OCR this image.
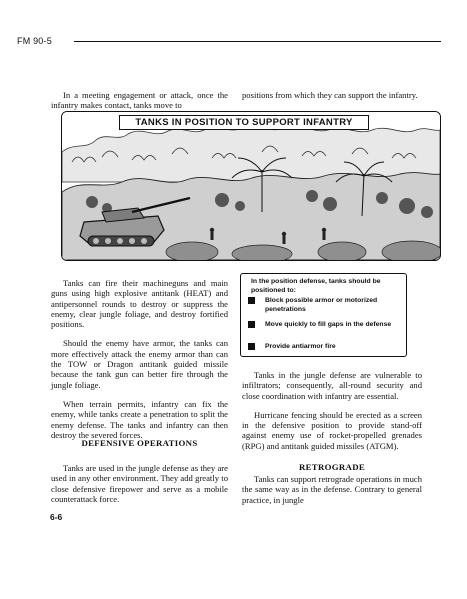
FM 90-5

In a meeting engagement or attack, once the infantry makes contact, tanks move to

positions from which they can support the infantry.

TANKS IN POSITION TO SUPPORT INFANTRY

Tanks can fire their machineguns and main guns using high explosive antitank (HEAT) and antipersonnel rounds to destroy or suppress the enemy, clear jungle foliage, and destroy fortified positions.

Should the enemy have armor, the tanks can more effectively attack the enemy armor than can the TOW or Dragon antitank guided missile because the tank gun can better fire through the jungle foliage.

When terrain permits, infantry can fix the enemy, while tanks create a penetration to split the enemy defense. The tanks and infantry can then destroy the severed forces.

DEFENSIVE OPERATIONS

Tanks are used in the jungle defense as they are used in any other environment. They add greatly to close defensive firepower and serve as a mobile counterattack force.

In the position defense, tanks should be positioned to:
Block possible armor or motorized penetrations
Move quickly to fill gaps in the defense
Provide antiarmor fire

Tanks in the jungle defense are vulnerable to infiltrators; consequently, all-round security and close coordination with infantry are essential.

Hurricane fencing should be erected as a screen in the defensive position to provide stand-off against enemy use of rocket-propelled grenades (RPG) and antitank guided missiles (ATGM).

RETROGRADE

Tanks can support retrograde operations in much the same way as in the defense. Contrary to general practice, in jungle

6-6
